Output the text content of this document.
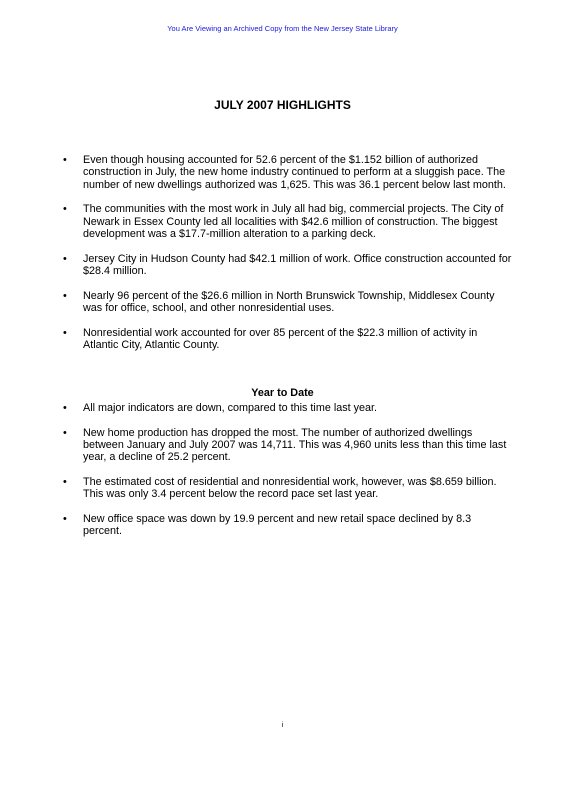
You Are Viewing an Archived Copy from the New Jersey State Library
JULY 2007 HIGHLIGHTS
• Even though housing accounted for 52.6 percent of the $1.152 billion of authorized construction in July, the new home industry continued to perform at a sluggish pace. The number of new dwellings authorized was 1,625. This was 36.1 percent below last month.
• The communities with the most work in July all had big, commercial projects. The City of Newark in Essex County led all localities with $42.6 million of construction. The biggest development was a $17.7-million alteration to a parking deck.
• Jersey City in Hudson County had $42.1 million of work. Office construction accounted for $28.4 million.
• Nearly 96 percent of the $26.6 million in North Brunswick Township, Middlesex County was for office, school, and other nonresidential uses.
• Nonresidential work accounted for over 85 percent of the $22.3 million of activity in Atlantic City, Atlantic County.
Year to Date
• All major indicators are down, compared to this time last year.
• New home production has dropped the most. The number of authorized dwellings between January and July 2007 was 14,711. This was 4,960 units less than this time last year, a decline of 25.2 percent.
• The estimated cost of residential and nonresidential work, however, was $8.659 billion. This was only 3.4 percent below the record pace set last year.
• New office space was down by 19.9 percent and new retail space declined by 8.3 percent.
i
